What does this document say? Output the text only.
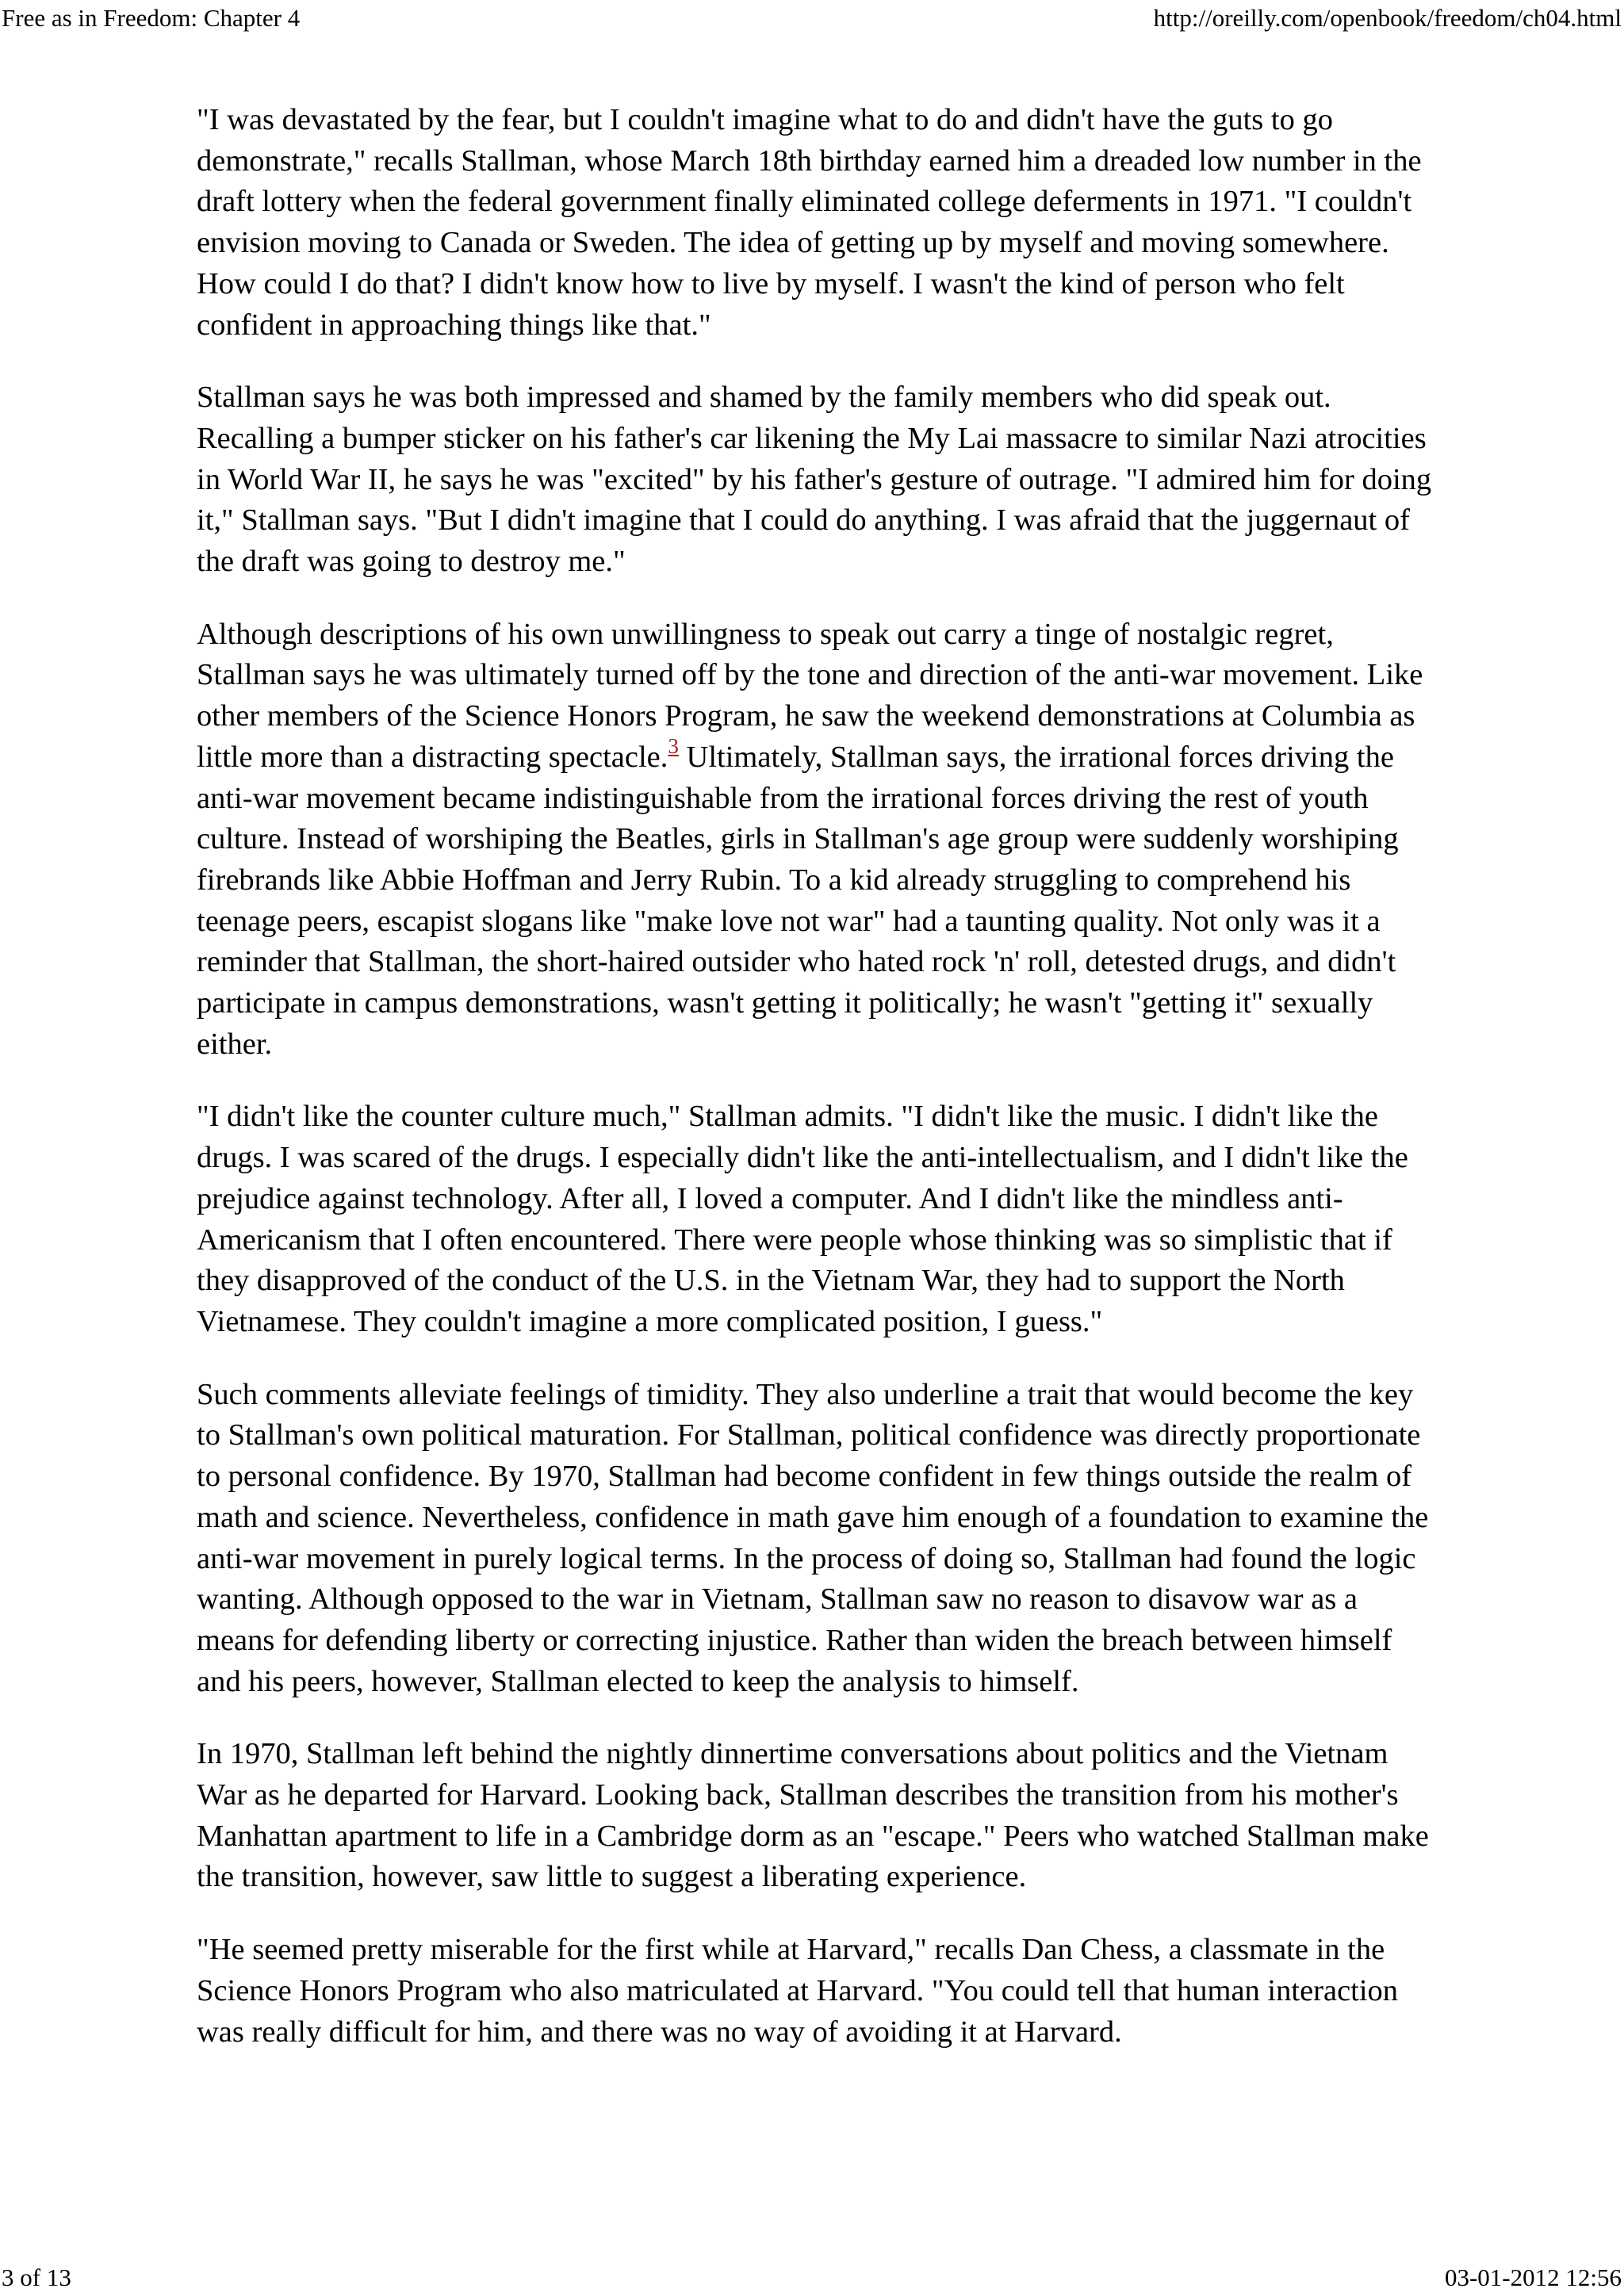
Free as in Freedom: Chapter 4	http://oreilly.com/openbook/freedom/ch04.html

"I was devastated by the fear, but I couldn't imagine what to do and didn't have the guts to go demonstrate," recalls Stallman, whose March 18th birthday earned him a dreaded low number in the draft lottery when the federal government finally eliminated college deferments in 1971. "I couldn't envision moving to Canada or Sweden. The idea of getting up by myself and moving somewhere. How could I do that? I didn't know how to live by myself. I wasn't the kind of person who felt confident in approaching things like that."

Stallman says he was both impressed and shamed by the family members who did speak out. Recalling a bumper sticker on his father's car likening the My Lai massacre to similar Nazi atrocities in World War II, he says he was "excited" by his father's gesture of outrage. "I admired him for doing it," Stallman says. "But I didn't imagine that I could do anything. I was afraid that the juggernaut of the draft was going to destroy me."

Although descriptions of his own unwillingness to speak out carry a tinge of nostalgic regret, Stallman says he was ultimately turned off by the tone and direction of the anti-war movement. Like other members of the Science Honors Program, he saw the weekend demonstrations at Columbia as little more than a distracting spectacle.$^3$ Ultimately, Stallman says, the irrational forces driving the anti-war movement became indistinguishable from the irrational forces driving the rest of youth culture. Instead of worshiping the Beatles, girls in Stallman's age group were suddenly worshiping firebrands like Abbie Hoffman and Jerry Rubin. To a kid already struggling to comprehend his teenage peers, escapist slogans like "make love not war" had a taunting quality. Not only was it a reminder that Stallman, the short-haired outsider who hated rock 'n' roll, detested drugs, and didn't participate in campus demonstrations, wasn't getting it politically; he wasn't "getting it" sexually either.

"I didn't like the counter culture much," Stallman admits. "I didn't like the music. I didn't like the drugs. I was scared of the drugs. I especially didn't like the anti-intellectualism, and I didn't like the prejudice against technology. After all, I loved a computer. And I didn't like the mindless anti-Americanism that I often encountered. There were people whose thinking was so simplistic that if they disapproved of the conduct of the U.S. in the Vietnam War, they had to support the North Vietnamese. They couldn't imagine a more complicated position, I guess."

Such comments alleviate feelings of timidity. They also underline a trait that would become the key to Stallman's own political maturation. For Stallman, political confidence was directly proportionate to personal confidence. By 1970, Stallman had become confident in few things outside the realm of math and science. Nevertheless, confidence in math gave him enough of a foundation to examine the anti-war movement in purely logical terms. In the process of doing so, Stallman had found the logic wanting. Although opposed to the war in Vietnam, Stallman saw no reason to disavow war as a means for defending liberty or correcting injustice. Rather than widen the breach between himself and his peers, however, Stallman elected to keep the analysis to himself.

In 1970, Stallman left behind the nightly dinnertime conversations about politics and the Vietnam War as he departed for Harvard. Looking back, Stallman describes the transition from his mother's Manhattan apartment to life in a Cambridge dorm as an "escape." Peers who watched Stallman make the transition, however, saw little to suggest a liberating experience.

"He seemed pretty miserable for the first while at Harvard," recalls Dan Chess, a classmate in the Science Honors Program who also matriculated at Harvard. "You could tell that human interaction was really difficult for him, and there was no way of avoiding it at Harvard.

3 of 13	03-01-2012 12:56
